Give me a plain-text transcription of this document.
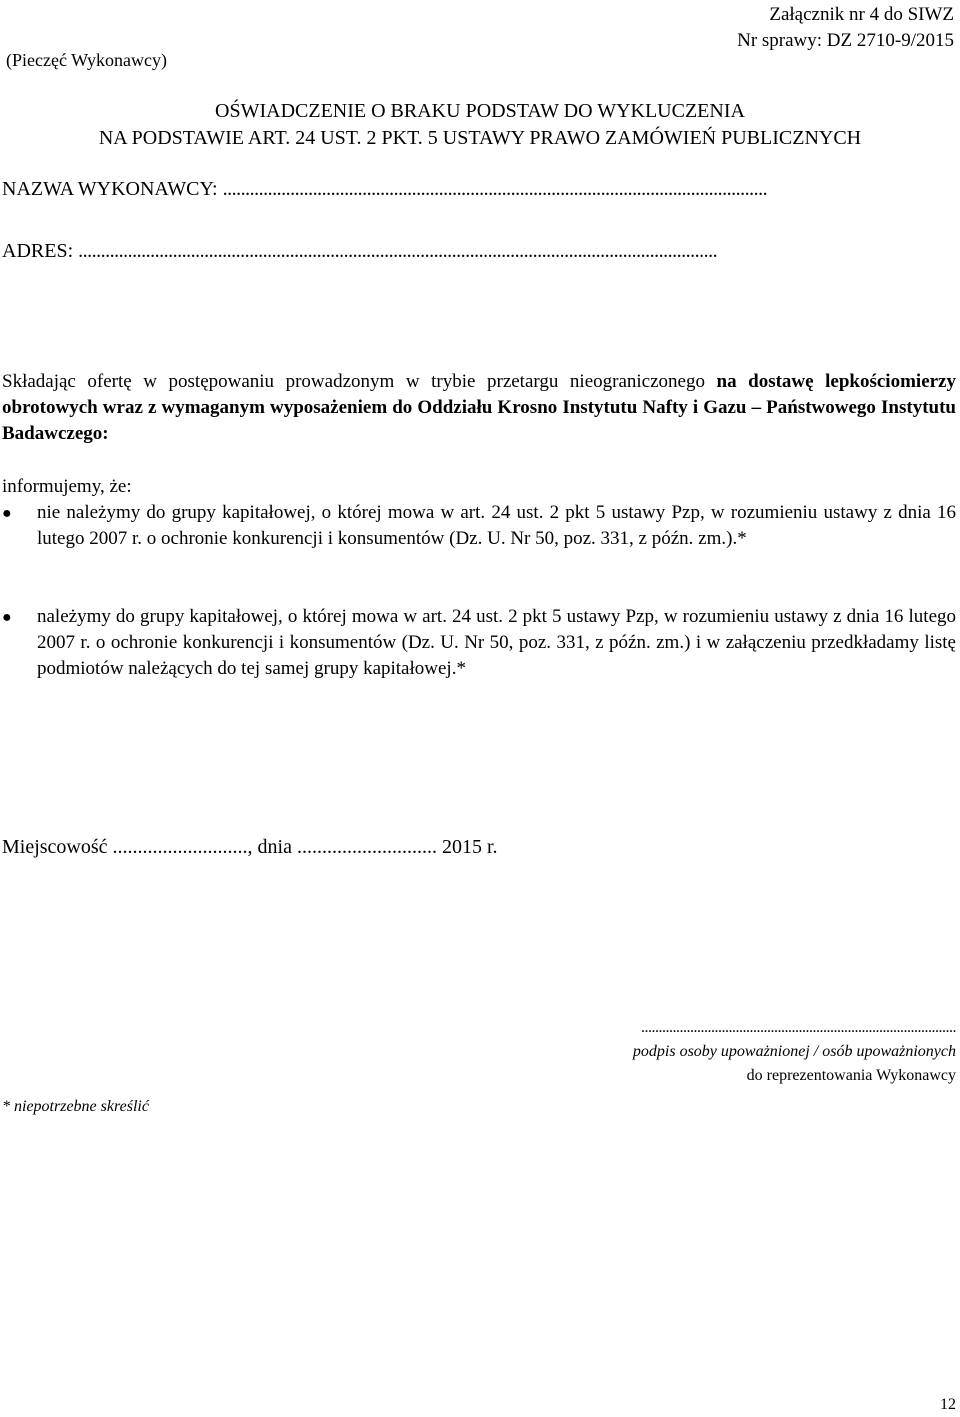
(Pieczęć Wykonawcy)
Załącznik nr 4 do SIWZ
Nr sprawy: DZ 2710-9/2015
OŚWIADCZENIE O BRAKU PODSTAW DO WYKLUCZENIA
NA PODSTAWIE ART. 24 UST. 2 PKT. 5 USTAWY PRAWO ZAMÓWIEŃ PUBLICZNYCH
NAZWA WYKONAWCY: .........................................................................................................................
ADRES: ..............................................................................................................................................
Składając ofertę w postępowaniu prowadzonym w trybie przetargu nieograniczonego na dostawę lepkościomierzy obrotowych wraz z wymaganym wyposażeniem do Oddziału Krosno Instytutu Nafty i Gazu – Państwowego Instytutu Badawczego:
informujemy, że:
● nie należymy do grupy kapitałowej, o której mowa w art. 24 ust. 2 pkt 5 ustawy Pzp, w rozumieniu ustawy z dnia 16 lutego 2007 r. o ochronie konkurencji i konsumentów (Dz. U. Nr 50, poz. 331, z późn. zm.).*
● należymy do grupy kapitałowej, o której mowa w art. 24 ust. 2 pkt 5 ustawy Pzp, w rozumieniu ustawy z dnia 16 lutego 2007 r. o ochronie konkurencji i konsumentów (Dz. U. Nr 50, poz. 331, z późn. zm.) i w załączeniu przedkładamy listę podmiotów należących do tej samej grupy kapitałowej.*
Miejscowość ..........................., dnia ............................ 2015 r.
..........................................................................................
podpis osoby upoważnionej / osób upoważnionych
do reprezentowania Wykonawcy
* niepotrzebne skreślić
12
